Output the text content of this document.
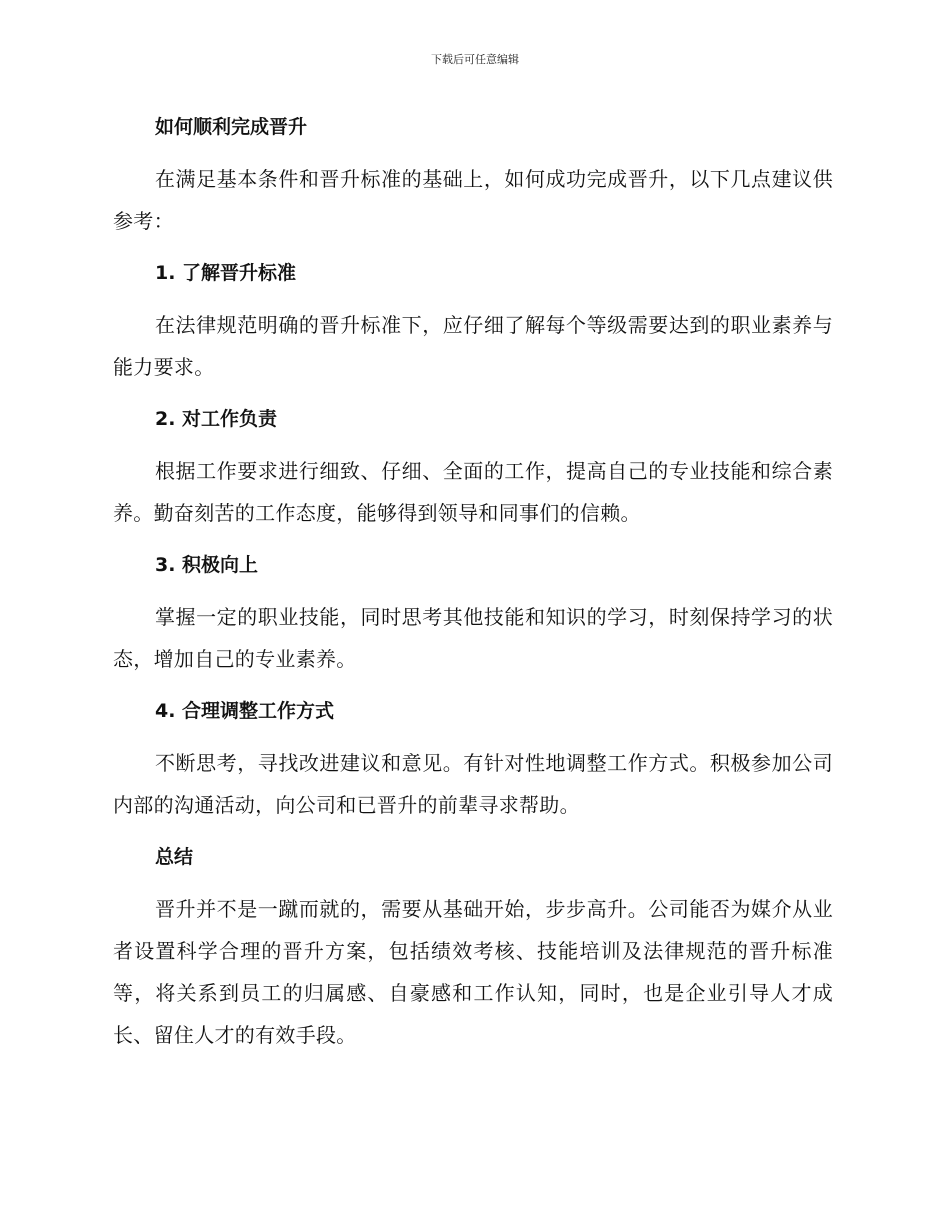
下载后可任意编辑
如何顺利完成晋升
在满足基本条件和晋升标准的基础上，如何成功完成晋升，以下几点建议供参考：
1. 了解晋升标准
在法律规范明确的晋升标准下，应仔细了解每个等级需要达到的职业素养与能力要求。
2. 对工作负责
根据工作要求进行细致、仔细、全面的工作，提高自己的专业技能和综合素养。勤奋刻苦的工作态度，能够得到领导和同事们的信赖。
3. 积极向上
掌握一定的职业技能，同时思考其他技能和知识的学习，时刻保持学习的状态，增加自己的专业素养。
4. 合理调整工作方式
不断思考，寻找改进建议和意见。有针对性地调整工作方式。积极参加公司内部的沟通活动，向公司和已晋升的前辈寻求帮助。
总结
晋升并不是一蹴而就的，需要从基础开始，步步高升。公司能否为媒介从业者设置科学合理的晋升方案，包括绩效考核、技能培训及法律规范的晋升标准等，将关系到员工的归属感、自豪感和工作认知，同时，也是企业引导人才成长、留住人才的有效手段。
